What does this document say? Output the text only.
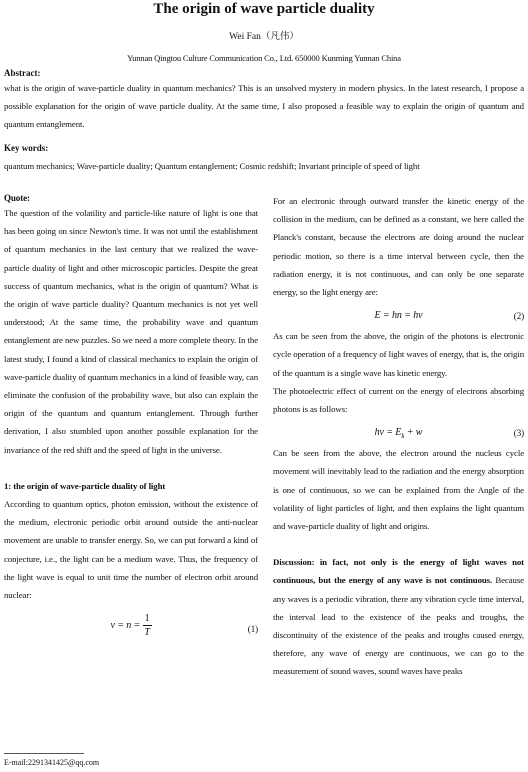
The origin of wave particle duality
Wei Fan（凡伟）
Yunnan Qingtou Culture Communication Co., Ltd. 650000 Kunming Yunnan China
Abstract:
what is the origin of wave-particle duality in quantum mechanics? This is an unsolved mystery in modern physics. In the latest research, I propose a possible explanation for the origin of wave particle duality. At the same time, I also proposed a feasible way to explain the origin of quantum and quantum entanglement.
Key words:
quantum mechanics; Wave-particle duality; Quantum entanglement; Cosmic redshift; Invariant principle of speed of light

Quote:

The question of the volatility and particle-like nature of light is one that has been going on since Newton's time. It was not until the establishment of quantum mechanics in the last century that we realized the wave-particle duality of light and other microscopic particles. Despite the great success of quantum mechanics, what is the origin of quantum? What is the origin of wave particle duality? Quantum mechanics is not yet well understood; At the same time, the probability wave and quantum entanglement are new puzzles. So we need a more complete theory. In the latest study, I found a kind of classical mechanics to explain the origin of wave-particle duality of quantum mechanics in a kind of feasible way, can eliminate the confusion of the probability wave, but also can explain the origin of the quantum and quantum entanglement. Through further derivation, I also stumbled upon another possible explanation for the invariance of the red shift and the speed of light in the universe.

1: the origin of wave-particle duality of light

According to quantum optics, photon emission, without the existence of the medium, electronic periodic orbit around outside the anti-nuclear movement are unable to transfer energy. So, we can put forward a kind of conjecture, i.e., the light can be a medium wave. Thus, the frequency of the light wave is equal to unit time the number of electron orbit around nuclear:

$v = n = \frac{1}{T}$	(1)

For an electronic through outward transfer the kinetic energy of the collision in the medium, can be defined as a constant, we here called the Planck's constant, because the electrons are doing around the nuclear periodic motion, so there is a time interval between cycle, then the radiation energy, it is not continuous, and can only be one separate energy, so the light energy are:

E = hn = hv	(2)

As can be seen from the above, the origin of the photons is electronic cycle operation of a frequency of light waves of energy, that is, the origin of the quantum is a single wave has kinetic energy.

The photoelectric effect of current on the energy of electrons absorbing photons is as follows:

hv = $E_k + w$	(3)

Can be seen from the above, the electron around the nucleus cycle movement will inevitably lead to the radiation and the energy absorption is one of continuous, so we can be explained from the Angle of the volatility of light particles of light, and then explains the light quantum and wave-particle duality of light and origins.

Discussion: in fact, not only is the energy of light waves not continuous, but the energy of any wave is not continuous. Because any waves is a periodic vibration, there any vibration cycle time interval, the interval lead to the existence of the peaks and troughs, the discontinuity of the existence of the peaks and troughs caused energy, therefore, any wave of energy are continuous, we can go to the measurement of sound waves, sound waves have peaks

E-mail:2291341425@qq.com
